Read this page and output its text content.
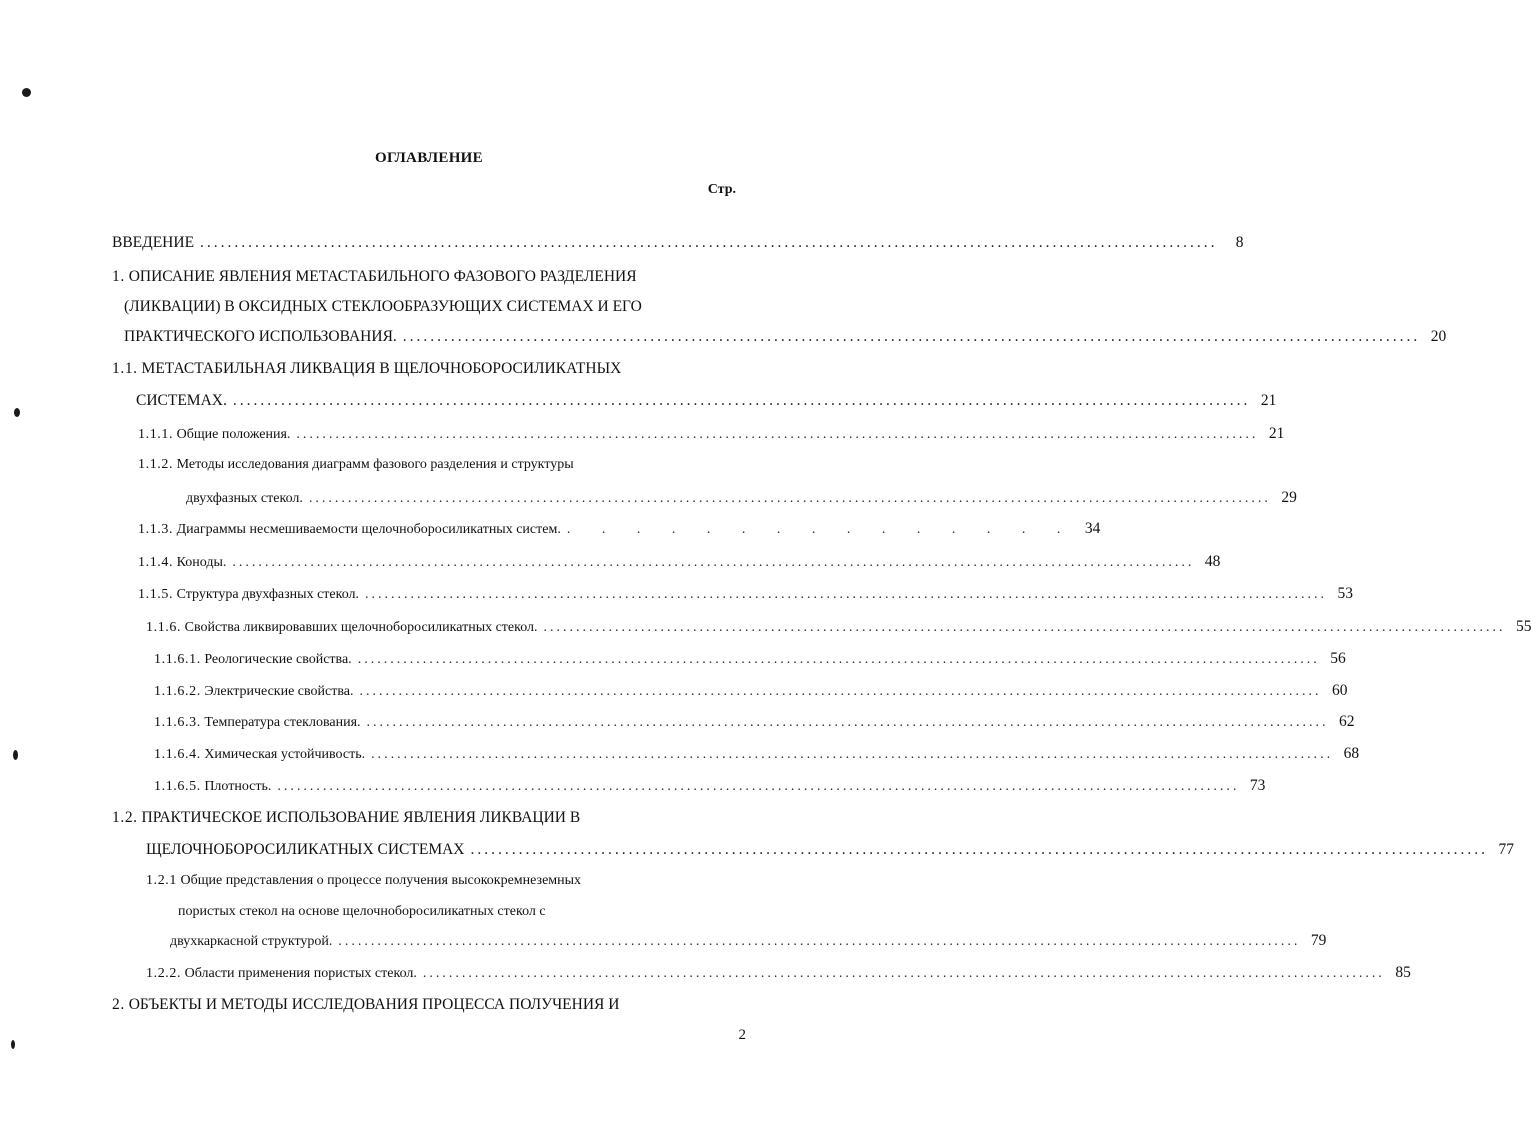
ОГЛАВЛЕНИЕ
Стр.
ВВЕДЕНИЕ ....................................................................................................................................................	8
1. ОПИСАНИЕ ЯВЛЕНИЯ МЕТАСТАБИЛЬНОГО ФАЗОВОГО РАЗДЕЛЕНИЯ
(ЛИКВАЦИИ) В ОКСИДНЫХ СТЕКЛООБРАЗУЮЩИХ СИСТЕМАХ И ЕГО
ПРАКТИЧЕСКОГО ИСПОЛЬЗОВАНИЯ. .................................................................................................................................................... 20
1.1. МЕТАСТАБИЛЬНАЯ ЛИКВАЦИЯ В ЩЕЛОЧНОБОРОСИЛИКАТНЫХ
СИСТЕМАХ. .................................................................................................................................................... 21
1.1.1. Общие положения. .................................................................................................................................................... 21
1.1.2. Методы исследования диаграмм фазового разделения и структуры
двухфазных стекол. .................................................................................................................................................... 29
1.1.3. Диаграммы несмешиваемости щелочноборосиликатных систем. . . . . . . . . . . . . . . . 34
1.1.4. Коноды. .................................................................................................................................................... 48
1.1.5. Структура двухфазных стекол. .................................................................................................................................................... 53
1.1.6. Свойства ликвировавших щелочноборосиликатных стекол. .................................................................................................................................................... 55
1.1.6.1. Реологические свойства. .................................................................................................................................................... 56
1.1.6.2. Электрические свойства. .................................................................................................................................................... 60
1.1.6.3. Температура стеклования. .................................................................................................................................................... 62
1.1.6.4. Химическая устойчивость. .................................................................................................................................................... 68
1.1.6.5. Плотность. .................................................................................................................................................... 73
1.2. ПРАКТИЧЕСКОЕ ИСПОЛЬЗОВАНИЕ ЯВЛЕНИЯ ЛИКВАЦИИ В
ЩЕЛОЧНОБОРОСИЛИКАТНЫХ СИСТЕМАХ .................................................................................................................................................... 77
1.2.1 Общие представления о процессе получения высококремнеземных
пористых стекол на основе щелочноборосиликатных стекол с
двухкаркасной структурой. .................................................................................................................................................... 79
1.2.2. Области применения пористых стекол. .................................................................................................................................................... 85
2. ОБЪЕКТЫ И МЕТОДЫ ИССЛЕДОВАНИЯ ПРОЦЕССА ПОЛУЧЕНИЯ И
2
